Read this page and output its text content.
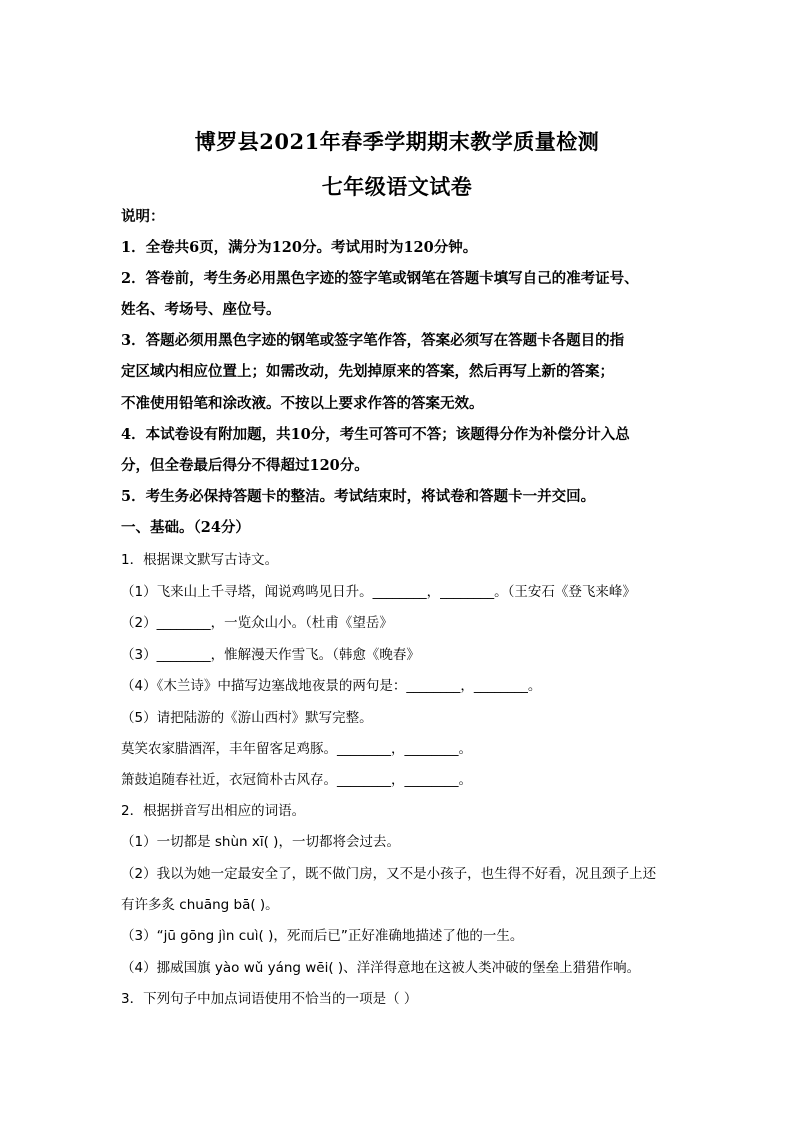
博罗县2021年春季学期期末教学质量检测
七年级语文试卷
说明：
1．全卷共6页，满分为120分。考试用时为120分钟。
2．答卷前，考生务必用黑色字迹的签字笔或钢笔在答题卡填写自己的准考证号、
姓名、考场号、座位号。
3．答题必须用黑色字迹的钢笔或签字笔作答，答案必须写在答题卡各题目的指
定区域内相应位置上；如需改动，先划掉原来的答案，然后再写上新的答案；
不准使用铅笔和涂改液。不按以上要求作答的答案无效。
4．本试卷设有附加题，共10分，考生可答可不答；该题得分作为补偿分计入总
分，但全卷最后得分不得超过120分。
5．考生务必保持答题卡的整洁。考试结束时，将试卷和答题卡一并交回。
一、基础。（24分）
1．根据课文默写古诗文。
（1）飞来山上千寻塔，闻说鸡鸣见日升。________，________。（王安石《登飞来峰》
（2）________，一览众山小。（杜甫《望岳》
（3）________，惟解漫天作雪飞。（韩愈《晚春》
（4）《木兰诗》中描写边塞战地夜景的两句是：________，________。
（5）请把陆游的《游山西村》默写完整。
莫笑农家腊酒浑，丰年留客足鸡豚。________，________。
箫鼓追随春社近，衣冠简朴古风存。________，________。
2．根据拼音写出相应的词语。
（1）一切都是 shùn xī( )，一切都将会过去。
（2）我以为她一定最安全了，既不做门房，又不是小孩子，也生得不好看，况且颈子上还
有许多炙 chuāng bā( )。
（3）“jū gōng jìn cuì( )，死而后已”正好准确地描述了他的一生。
（4）挪威国旗 yào wǔ yáng wēi( )、洋洋得意地在这被人类冲破的堡垒上猎猎作响。
3．下列句子中加点词语使用不恰当的一项是（ ）
